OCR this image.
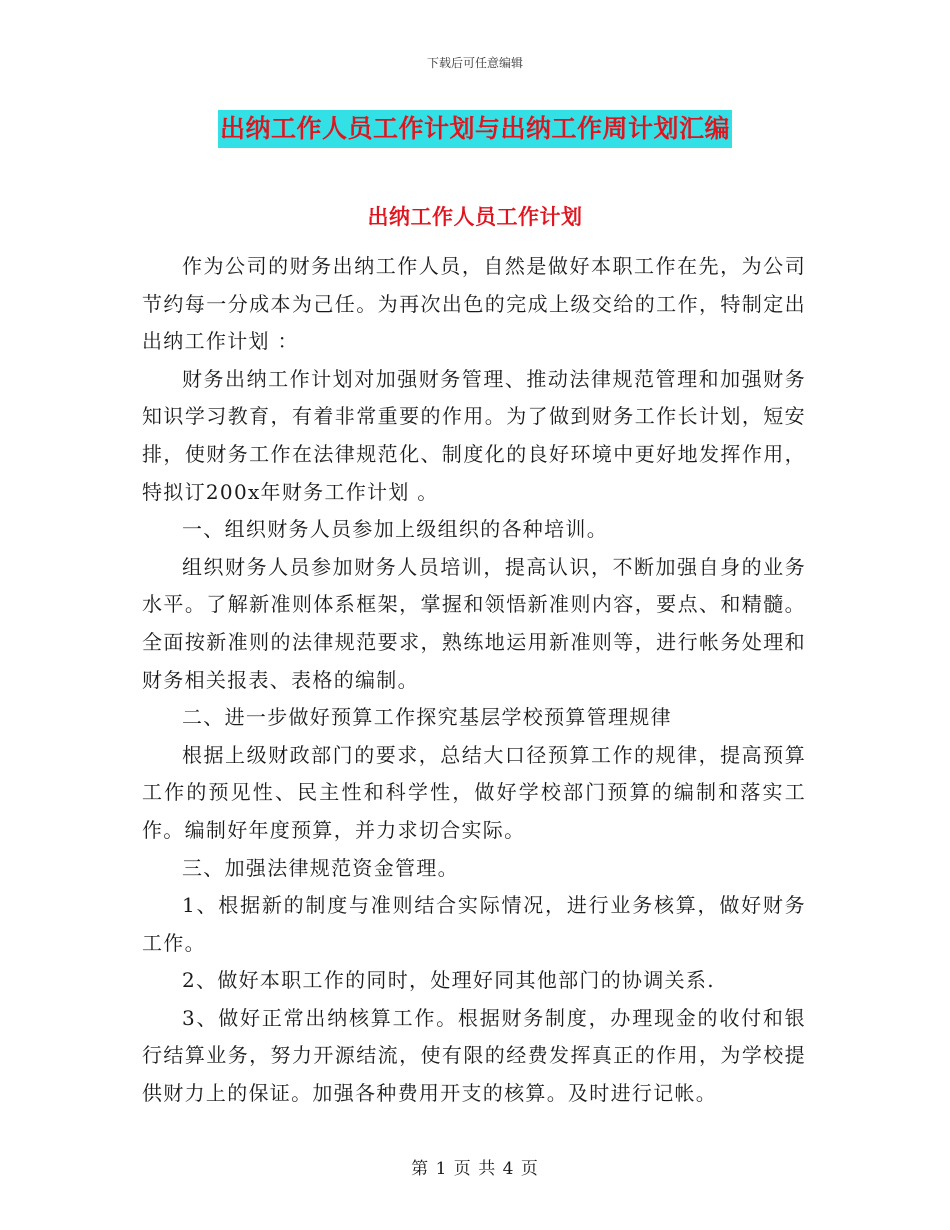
下载后可任意编辑
出纳工作人员工作计划与出纳工作周计划汇编
出纳工作人员工作计划

作为公司的财务出纳工作人员，自然是做好本职工作在先，为公司节约每一分成本为己任。为再次出色的完成上级交给的工作，特制定出出纳工作计划 ：

财务出纳工作计划对加强财务管理、推动法律规范管理和加强财务知识学习教育，有着非常重要的作用。为了做到财务工作长计划，短安排，使财务工作在法律规范化、制度化的良好环境中更好地发挥作用，特拟订200x年财务工作计划 。

一、组织财务人员参加上级组织的各种培训。

组织财务人员参加财务人员培训，提高认识，不断加强自身的业务水平。了解新准则体系框架，掌握和领悟新准则内容，要点、和精髓。全面按新准则的法律规范要求，熟练地运用新准则等，进行帐务处理和财务相关报表、表格的编制。

二、进一步做好预算工作探究基层学校预算管理规律

根据上级财政部门的要求，总结大口径预算工作的规律，提高预算工作的预见性、民主性和科学性，做好学校部门预算的编制和落实工作。编制好年度预算，并力求切合实际。

三、加强法律规范资金管理。

1、根据新的制度与准则结合实际情况，进行业务核算，做好财务工作。

2、做好本职工作的同时，处理好同其他部门的协调关系.

3、做好正常出纳核算工作。根据财务制度，办理现金的收付和银行结算业务，努力开源结流，使有限的经费发挥真正的作用，为学校提供财力上的保证。加强各种费用开支的核算。及时进行记帐。

第 1 页 共 4 页
